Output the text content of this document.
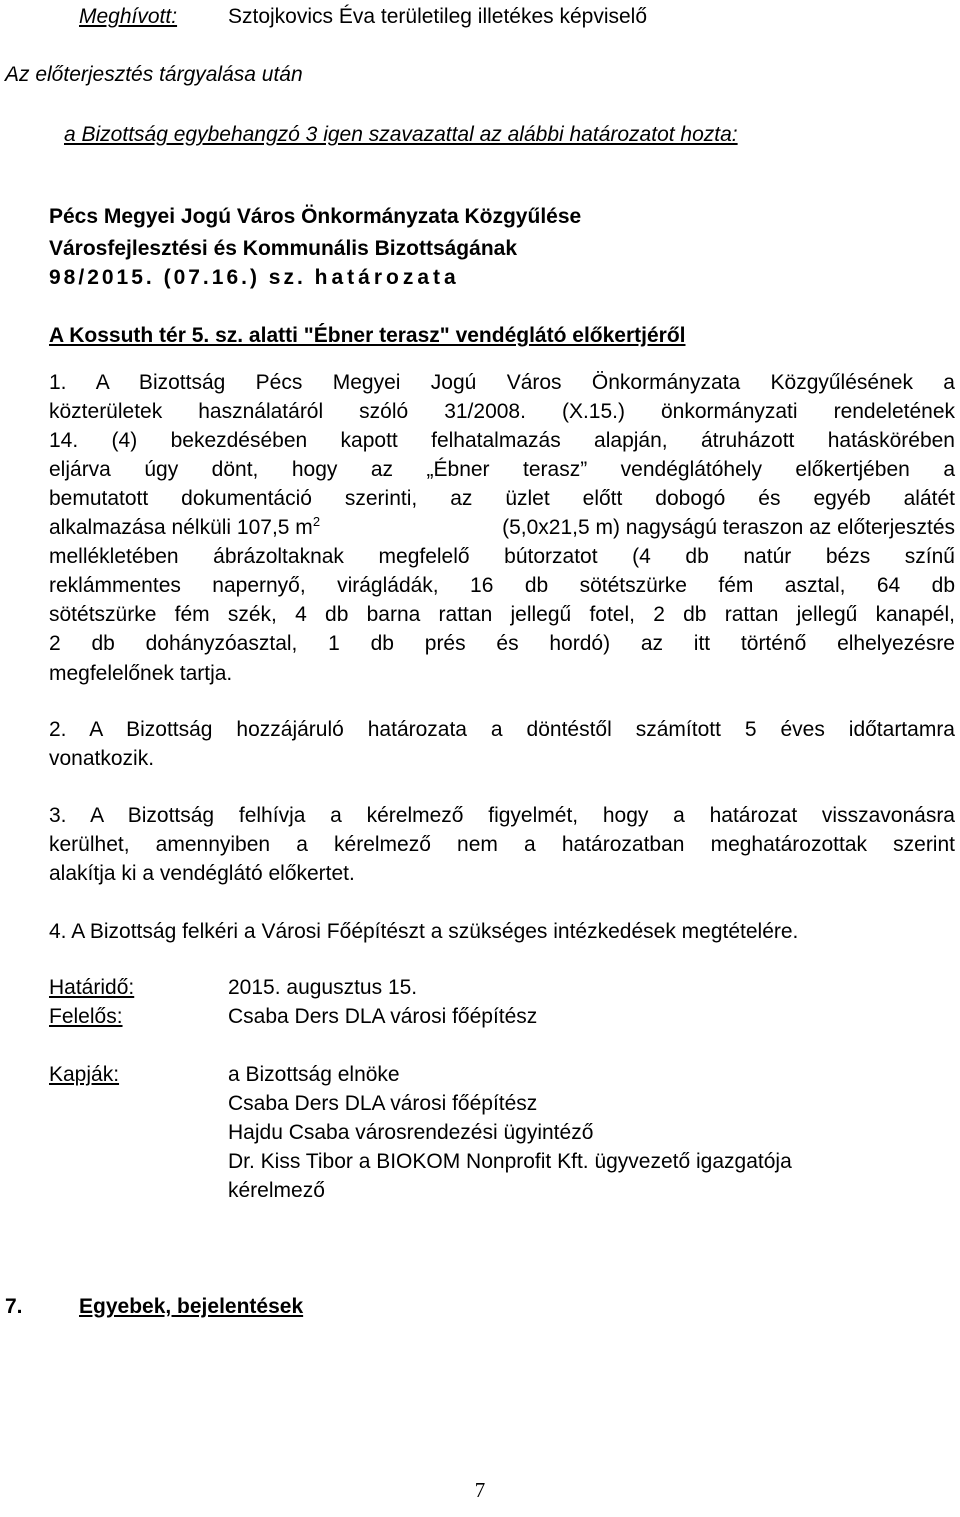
Meghívott: Sztojkovics Éva területileg illetékes képviselő
Az előterjesztés tárgyalása után
a Bizottság egybehangzó 3 igen szavazattal az alábbi határozatot hozta:
Pécs Megyei Jogú Város Önkormányzata Közgyűlése
Városfejlesztési és Kommunális Bizottságának
98/2015. (07.16.) sz. határozata
A Kossuth tér 5. sz. alatti "Ébner terasz" vendéglátó előkertjéről
1. A Bizottság Pécs Megyei Jogú Város Önkormányzata Közgyűlésének a
közterületek használatáról szóló 31/2008. (X.15.) önkormányzati rendeletének
14. (4) bekezdésében kapott felhatalmazás alapján, átruházott hatáskörében
eljárva úgy dönt, hogy az „Ébner terasz” vendéglátóhely előkertjében a
bemutatott dokumentáció szerinti, az üzlet előtt dobogó és egyéb alátét
alkalmazása nélküli 107,5 $m^2$	(5,0x21,5 m) nagyságú teraszon az előterjesztés
mellékletében ábrázoltaknak megfelelő bútorzatot (4 db natúr bézs színű
reklámmentes napernyő, virágládák, 16 db sötétszürke fém asztal, 64 db
sötétszürke fém szék, 4 db barna rattan jellegű fotel, 2 db rattan jellegű kanapél,
2 db dohányzóasztal, 1 db prés és hordó) az itt történő elhelyezésre
megfelelőnek tartja.
2. A Bizottság hozzájáruló határozata a döntéstől számított 5 éves időtartamra
vonatkozik.
3. A Bizottság felhívja a kérelmező figyelmét, hogy a határozat visszavonásra
kerülhet, amennyiben a kérelmező nem a határozatban meghatározottak szerint
alakítja ki a vendéglátó előkertet.
4. A Bizottság felkéri a Városi Főépítészt a szükséges intézkedések megtételére.
Határidő:	2015. augusztus 15.
Felelős:	Csaba Ders DLA városi főépítész
Kapják:	a Bizottság elnöke
Csaba Ders DLA városi főépítész
Hajdu Csaba városrendezési ügyintéző
Dr. Kiss Tibor a BIOKOM Nonprofit Kft. ügyvezető igazgatója
kérelmező
7.	Egyebek, bejelentések
7
